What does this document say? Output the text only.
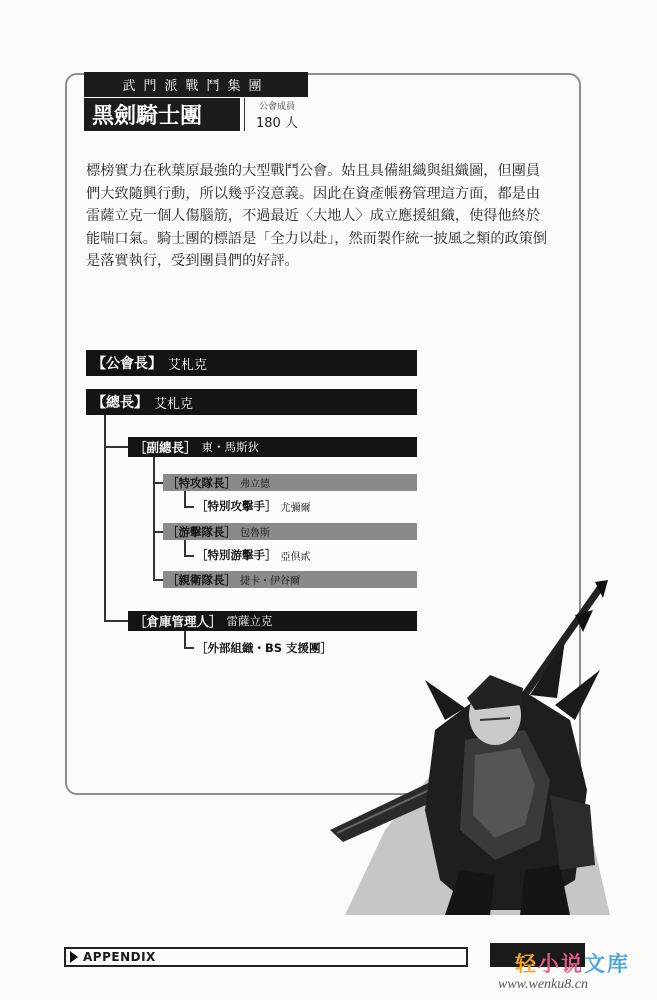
武門派戰鬥集團
黑劍騎士團	公會成員
180 人

標榜實力在秋葉原最強的大型戰鬥公會。姑且具備組織與組織圖，但團員們大致隨興行動，所以幾乎沒意義。因此在資產帳務管理這方面，都是由雷薩立克一個人傷腦筋，不過最近〈大地人〉成立應援組織，使得他終於能喘口氣。騎士團的標語是「全力以赴」，然而製作統一披風之類的政策倒是落實執行，受到團員們的好評。

【公會長】 艾札克
【總長】 艾札克
［副總長］ 東・馬斯狄
［特攻隊長］ 弗立德
［特別攻擊手］ 尤彌爾
［游擊隊長］ 包魯斯
［特別游擊手］ 亞倶貳
［親衛隊長］ 捷卡・伊谷爾
［倉庫管理人］ 雷薩立克
［外部組織・BS 支援團］
APPENDIX	轻小说文库
www.wenku8.cn
